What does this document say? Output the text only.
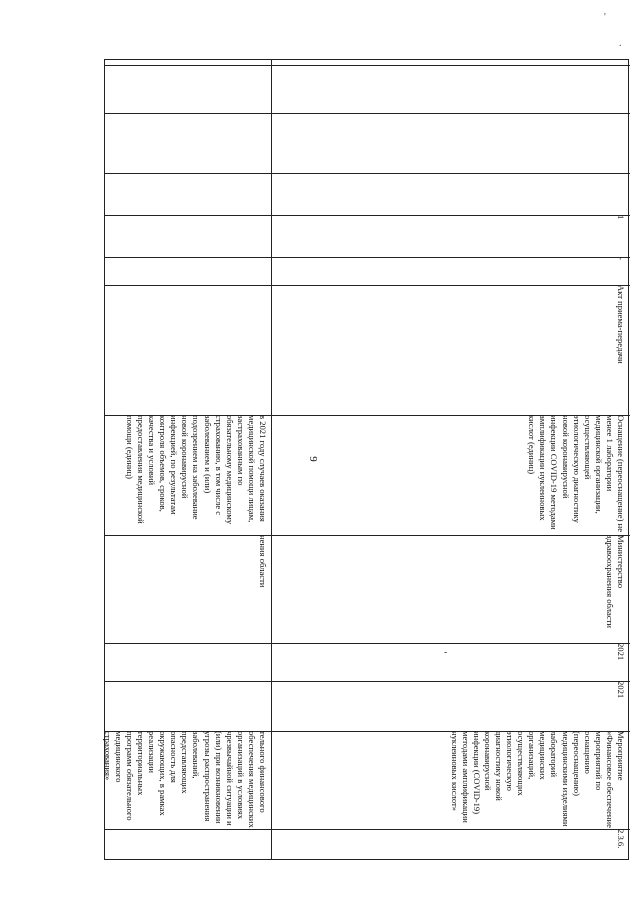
9
'
.
-
тельного финансового обеспечения медицинских организаций в условиях чрезвычайной ситуации и (или) при возникновении угрозы распространения заболеваний, представляющих опасность для окружающих, в рамках реализации территориальных программ обязательного медицинского страхования»
нения области
в 2021 году случаев оказания медицинской помощи лицам, застрахованным по обязательному медицинскому страхованию, в том числе с заболеванием и (или) подозрением на заболевание новой коронавирусной инфекцией, по результатам контроля объемов, сроков, качества и условий предоставления медицинской помощи (единиц)
2.3.6.
Мероприятие «Финансовое обеспечение мероприятий по оснащению (переоснащению) медицинскими изделиями лабораторий медицинских организаций, осуществляющих этиологическую диагностику новой коронавирусной инфекции (COVID-19) методами амплификации нуклеиновых кислот»
2021
2021
Министерство здравоохранения области
Оснащение (переоснащение) не менее 1 лаборатории медицинской организации, осуществляющей этиологическую диагностику новой коронавирусной инфекции COVID-19 методами амплификации нуклеиновых кислот (единиц)
Акт приема-передачи
-
1
